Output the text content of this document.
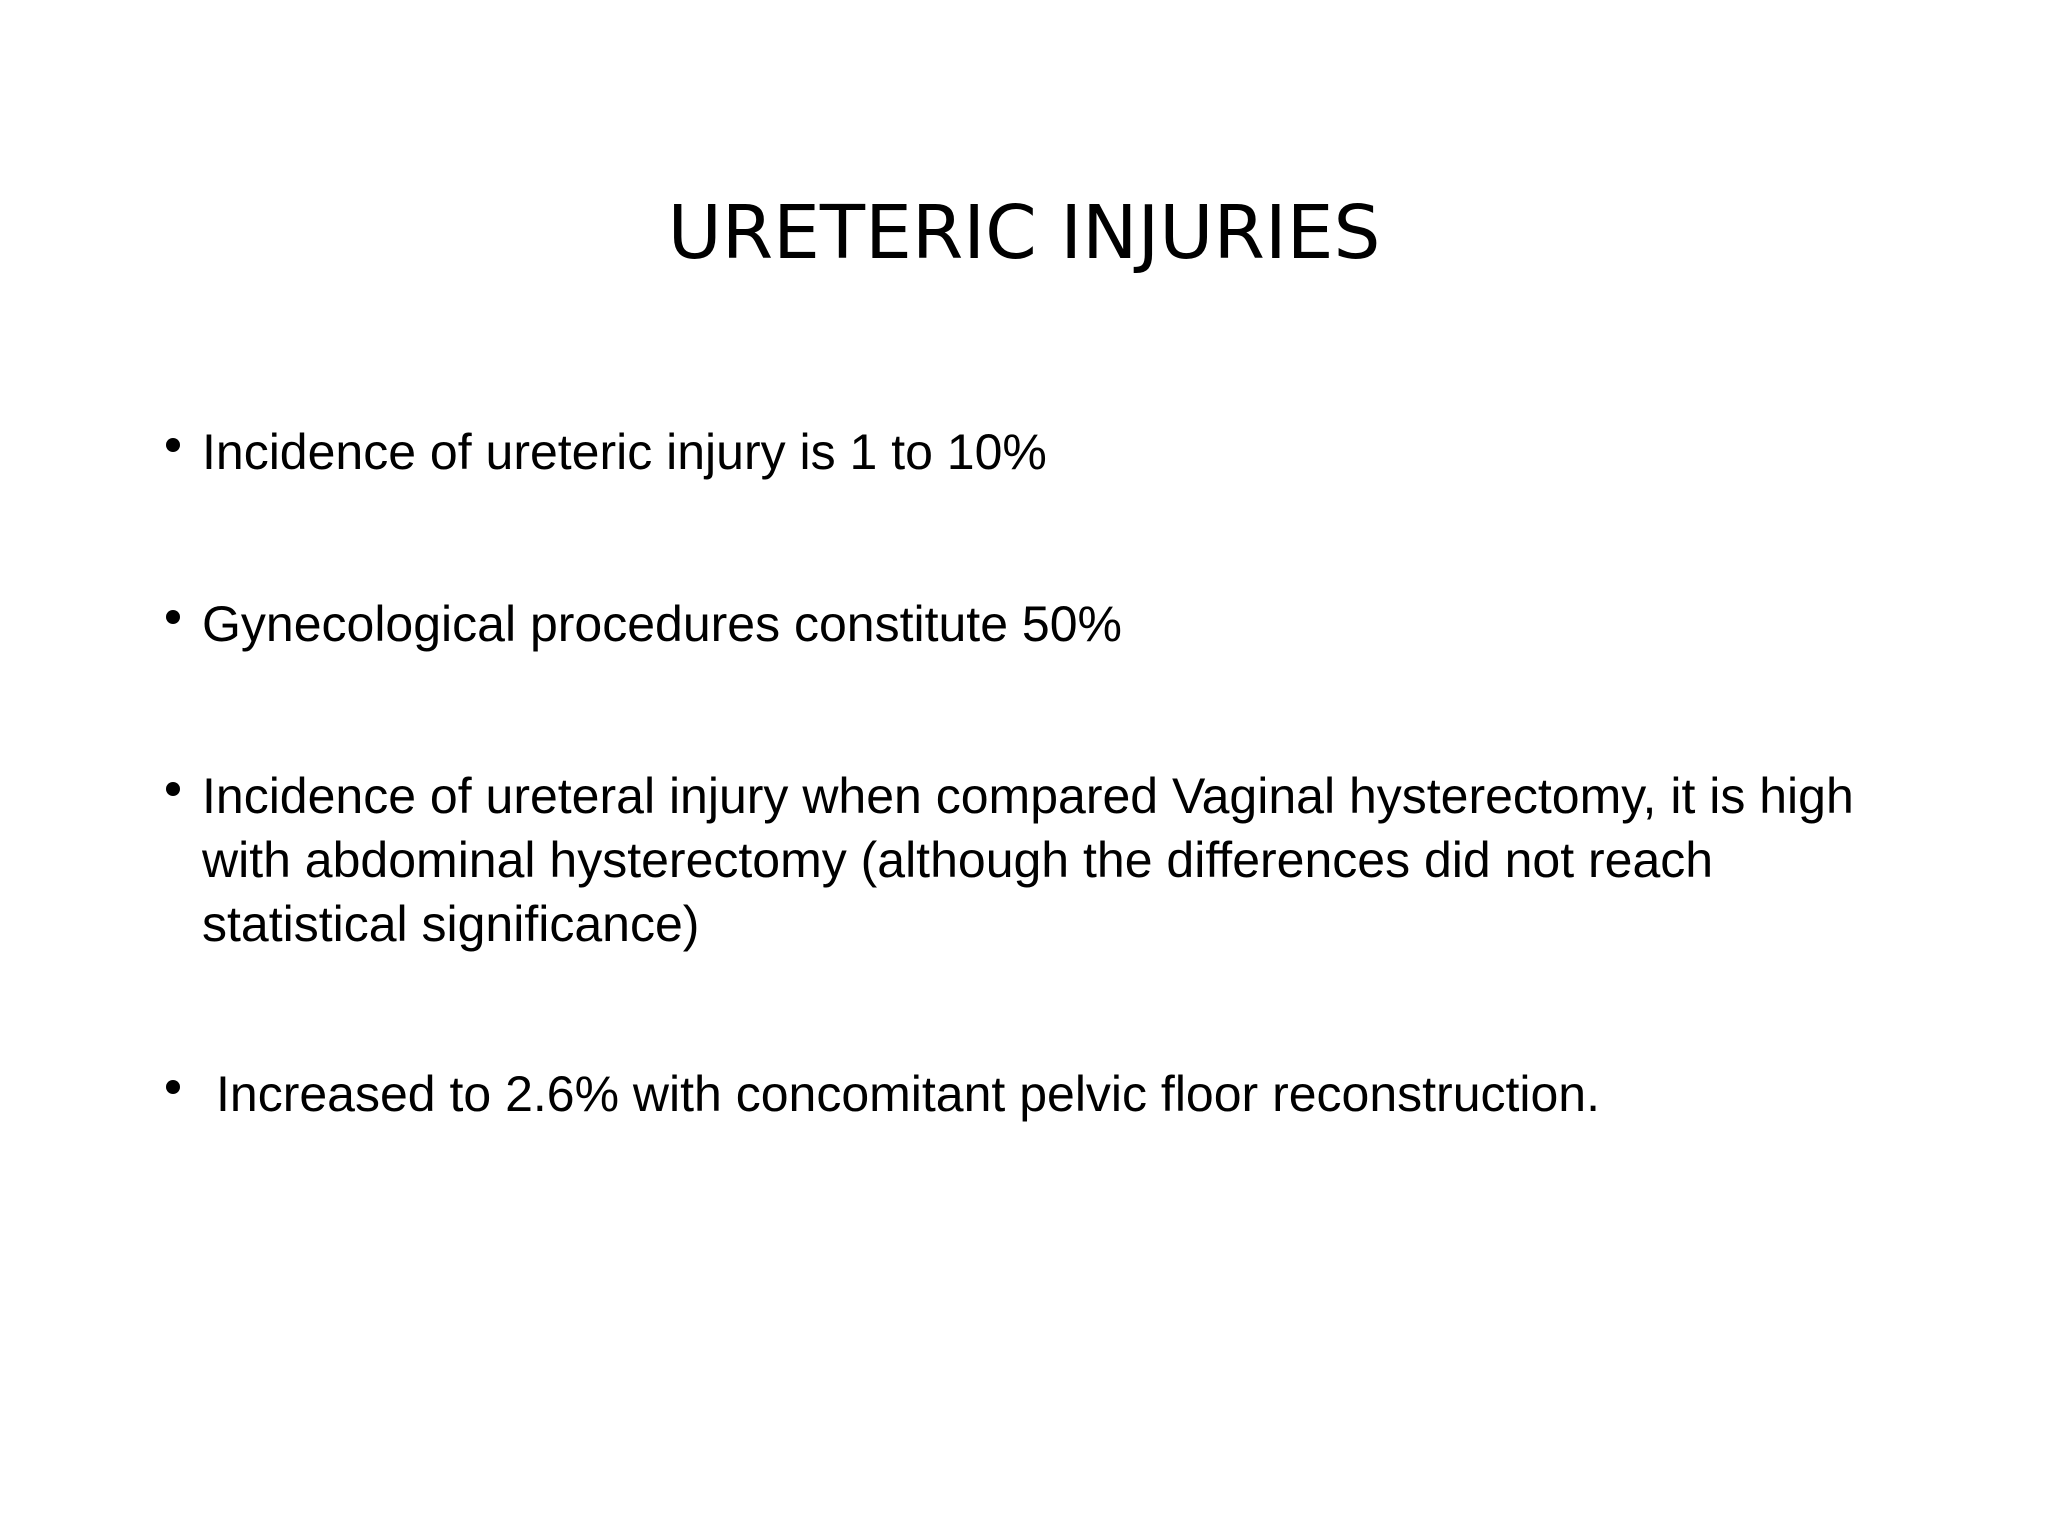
URETERIC INJURIES
Incidence of ureteric injury is 1 to 10%
Gynecological procedures constitute 50%
Incidence of ureteral injury when compared Vaginal hysterectomy, it is high with abdominal hysterectomy (although the differences did not reach statistical significance)
Increased to 2.6% with concomitant pelvic floor reconstruction.
